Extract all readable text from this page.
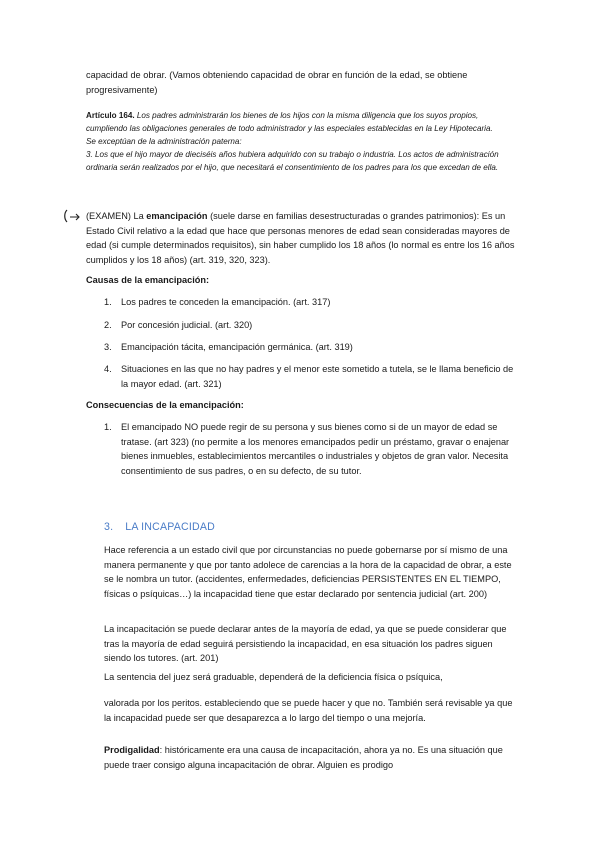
capacidad de obrar. (Vamos obteniendo capacidad de obrar en función de la edad, se obtiene progresivamente)

Artículo 164. Los padres administrarán los bienes de los hijos con la misma diligencia que los suyos propios, cumpliendo las obligaciones generales de todo administrador y las especiales establecidas en la Ley Hipotecaria.
Se exceptúan de la administración paterna:
3. Los que el hijo mayor de dieciséis años hubiera adquirido con su trabajo o industria. Los actos de administración ordinaria serán realizados por el hijo, que necesitará el consentimiento de los padres para los que excedan de ella.

(EXAMEN) La emancipación (suele darse en familias desestructuradas o grandes patrimonios): Es un Estado Civil relativo a la edad que hace que personas menores de edad sean consideradas mayores de edad (si cumple determinados requisitos), sin haber cumplido los 18 años (lo normal es entre los 16 años cumplidos y los 18 años) (art. 319, 320, 323).

Causas de la emancipación:
1. Los padres te conceden la emancipación. (art. 317)
2. Por concesión judicial. (art. 320)
3. Emancipación tácita, emancipación germánica. (art. 319)
4. Situaciones en las que no hay padres y el menor este sometido a tutela, se le llama beneficio de la mayor edad. (art. 321)
Consecuencias de la emancipación:
1. El emancipado NO puede regir de su persona y sus bienes como si de un mayor de edad se tratase. (art 323) (no permite a los menores emancipados pedir un préstamo, gravar o enajenar bienes inmuebles, establecimientos mercantiles o industriales y objetos de gran valor. Necesita consentimiento de sus padres, o en su defecto, de su tutor.
3. LA INCAPACIDAD

Hace referencia a un estado civil que por circunstancias no puede gobernarse por sí mismo de una manera permanente y que por tanto adolece de carencias a la hora de la capacidad de obrar, a este se le nombra un tutor. (accidentes, enfermedades, deficiencias PERSISTENTES EN EL TIEMPO, físicas o psíquicas…) la incapacidad tiene que estar declarado por sentencia judicial (art. 200)

La incapacitación se puede declarar antes de la mayoría de edad, ya que se puede considerar que tras la mayoría de edad seguirá persistiendo la incapacidad, en esa situación los padres siguen siendo los tutores. (art. 201)

La sentencia del juez será graduable, dependerá de la deficiencia física o psíquica,

valorada por los peritos. estableciendo que se puede hacer y que no. También será revisable ya que la incapacidad puede ser que desaparezca a lo largo del tiempo o una mejoría.

Prodigalidad: históricamente era una causa de incapacitación, ahora ya no. Es una situación que puede traer consigo alguna incapacitación de obrar. Alguien es prodigo
